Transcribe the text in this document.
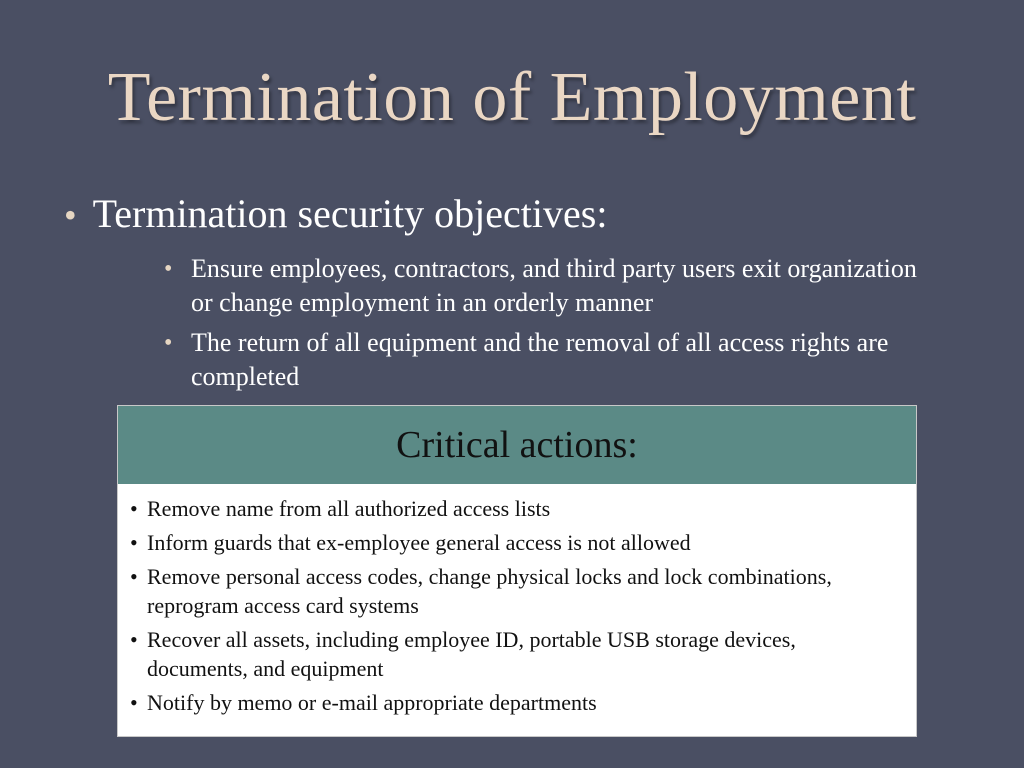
Termination of Employment
• Termination security objectives:
• Ensure employees, contractors, and third party users exit organization or change employment in an orderly manner
• The return of all equipment and the removal of all access rights are completed
Critical actions:
• Remove name from all authorized access lists
• Inform guards that ex-employee general access is not allowed
• Remove personal access codes, change physical locks and lock combinations, reprogram access card systems
• Recover all assets, including employee ID, portable USB storage devices, documents, and equipment
• Notify by memo or e-mail appropriate departments
